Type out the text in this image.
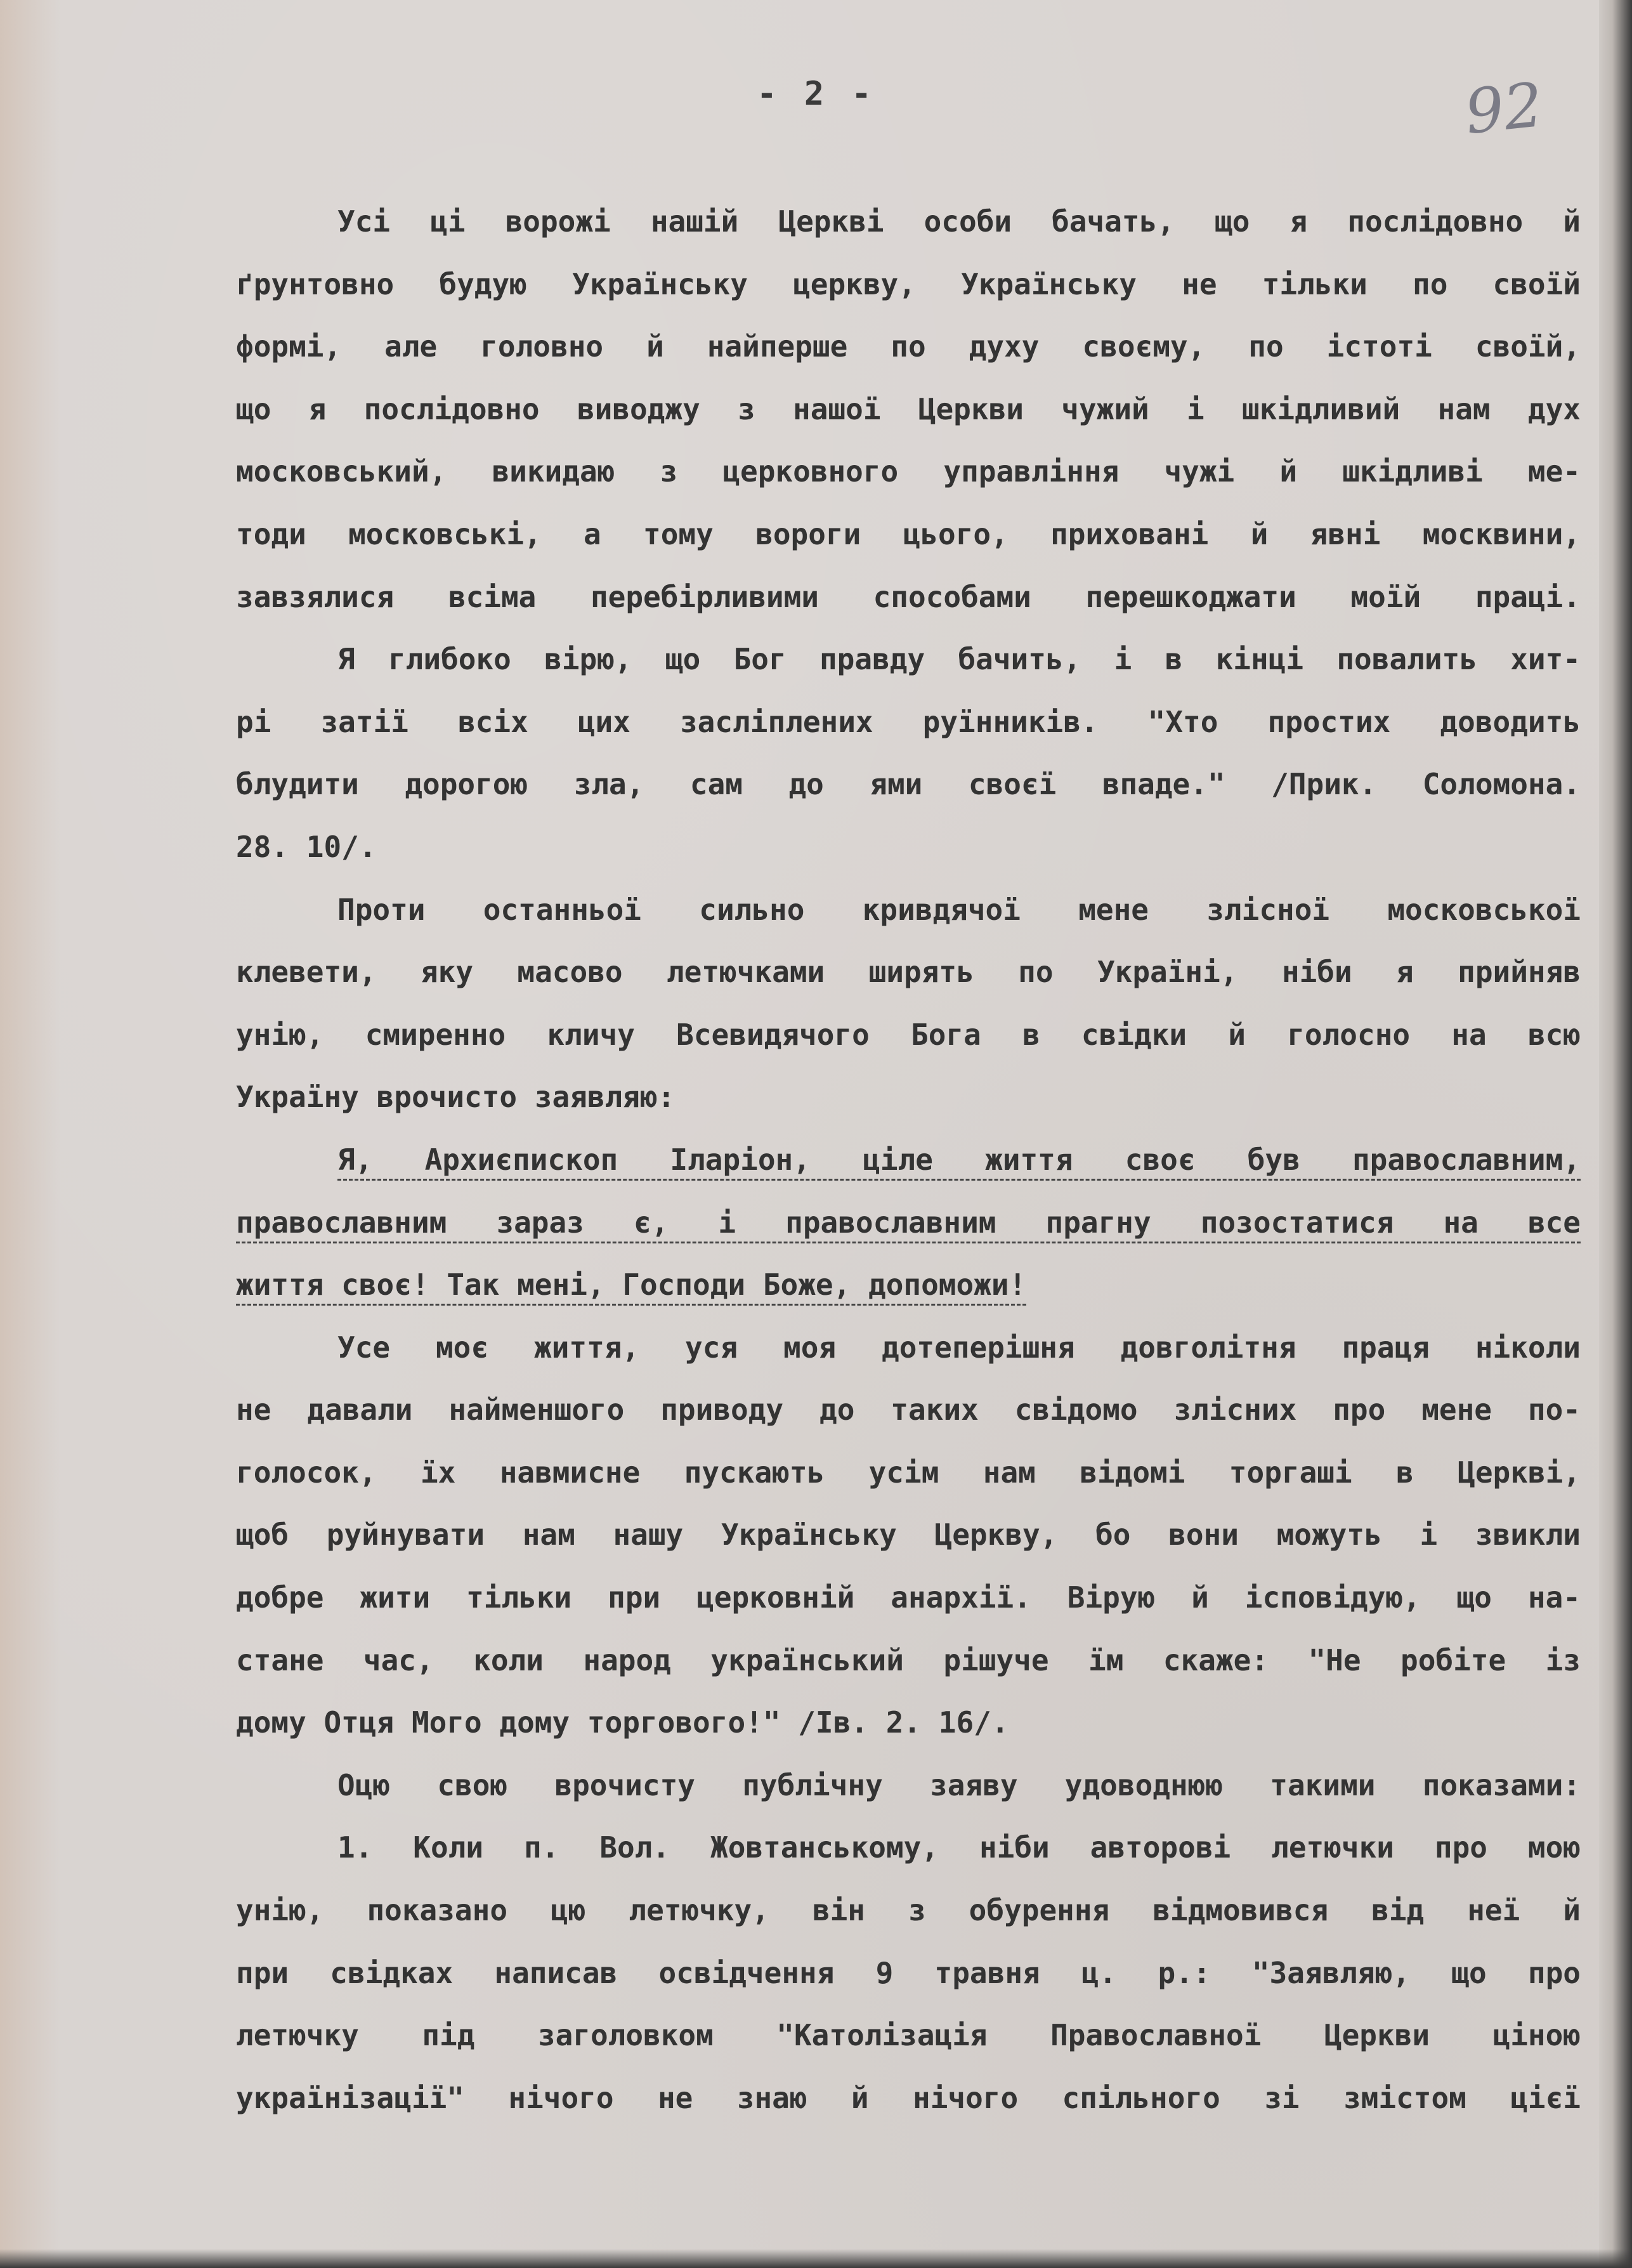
- 2 -	92
Усі ці ворожі нашій Церкві особи бачать, що я послідовно й
ґрунтовно будую Українську церкву, Українську не тільки по своїй
формі, але головно й найперше по духу своєму, по істоті своїй,
що я послідовно виводжу з нашої Церкви чужий і шкідливий нам дух
московський, викидаю з церковного управління чужі й шкідливі ме-
тоди московські, а тому вороги цього, приховані й явні москвини,
завзялися всіма перебірливими способами перешкоджати моїй праці.
Я глибоко вірю, що Бог правду бачить, і в кінці повалить хит-
рі затії всіх цих засліплених руїнників. "Хто простих доводить
блудити дорогою зла, сам до ями своєї впаде." /Прик. Соломона.
28. 10/.
Проти останньої сильно кривдячої мене злісної московської
клевети, яку масово летючками ширять по Україні, ніби я прийняв
унію, смиренно кличу Всевидячого Бога в свідки й голосно на всю
Україну врочисто заявляю:
Я, Архиєпископ Іларіон, ціле життя своє був православним,
православним зараз є, і православним прагну позостатися на все
життя своє! Так мені, Господи Боже, допоможи!
Усе моє життя, уся моя дотеперішня довголітня праця ніколи
не давали найменшого приводу до таких свідомо злісних про мене по-
голосок, їх навмисне пускають усім нам відомі торгаші в Церкві,
щоб руйнувати нам нашу Українську Церкву, бо вони можуть і звикли
добре жити тільки при церковній анархії. Вірую й ісповідую, що на-
стане час, коли народ український рішуче їм скаже: "Не робіте із
дому Отця Мого дому торгового!" /Ів. 2. 16/.
Оцю свою врочисту публічну заяву удоводнюю такими показами:
1. Коли п. Вол. Жовтанському, ніби авторові летючки про мою
унію, показано цю летючку, він з обурення відмовився від неї й
при свідках написав освідчення 9 травня ц. р.: "Заявляю, що про
летючку під заголовком "Католізація Православної Церкви ціною
українізації" нічого не знаю й нічого спільного зі змістом цієї
